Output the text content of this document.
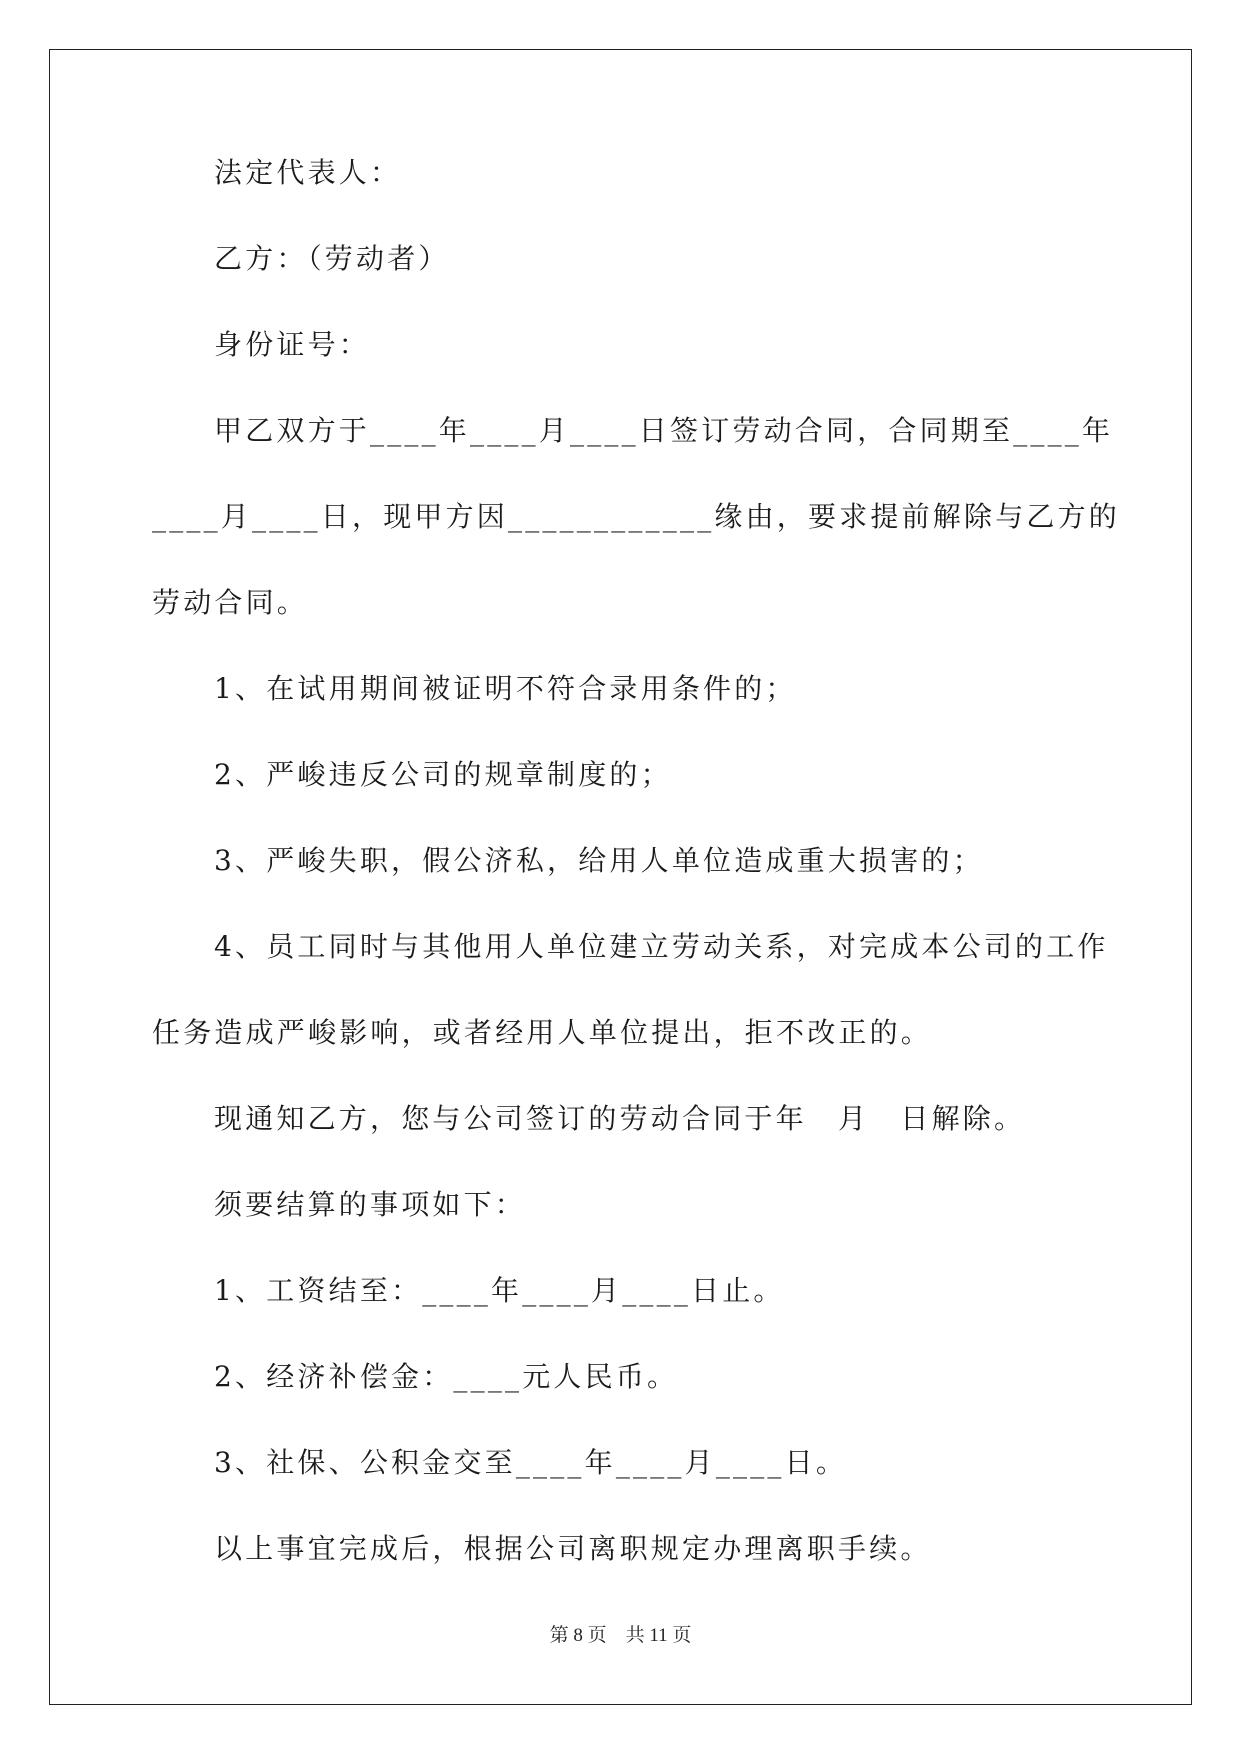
法定代表人：
乙方：（劳动者）
身份证号：
甲乙双方于____年____月____日签订劳动合同，合同期至____年
____月____日，现甲方因____________缘由，要求提前解除与乙方的
劳动合同。
1、在试用期间被证明不符合录用条件的；
2、严峻违反公司的规章制度的；
3、严峻失职，假公济私，给用人单位造成重大损害的；
4、员工同时与其他用人单位建立劳动关系，对完成本公司的工作
任务造成严峻影响，或者经用人单位提出，拒不改正的。
现通知乙方，您与公司签订的劳动合同于年　月　日解除。
须要结算的事项如下：
1、工资结至：____年____月____日止。
2、经济补偿金：____元人民币。
3、社保、公积金交至____年____月____日。
以上事宜完成后，根据公司离职规定办理离职手续。
第 8 页　共 11 页
